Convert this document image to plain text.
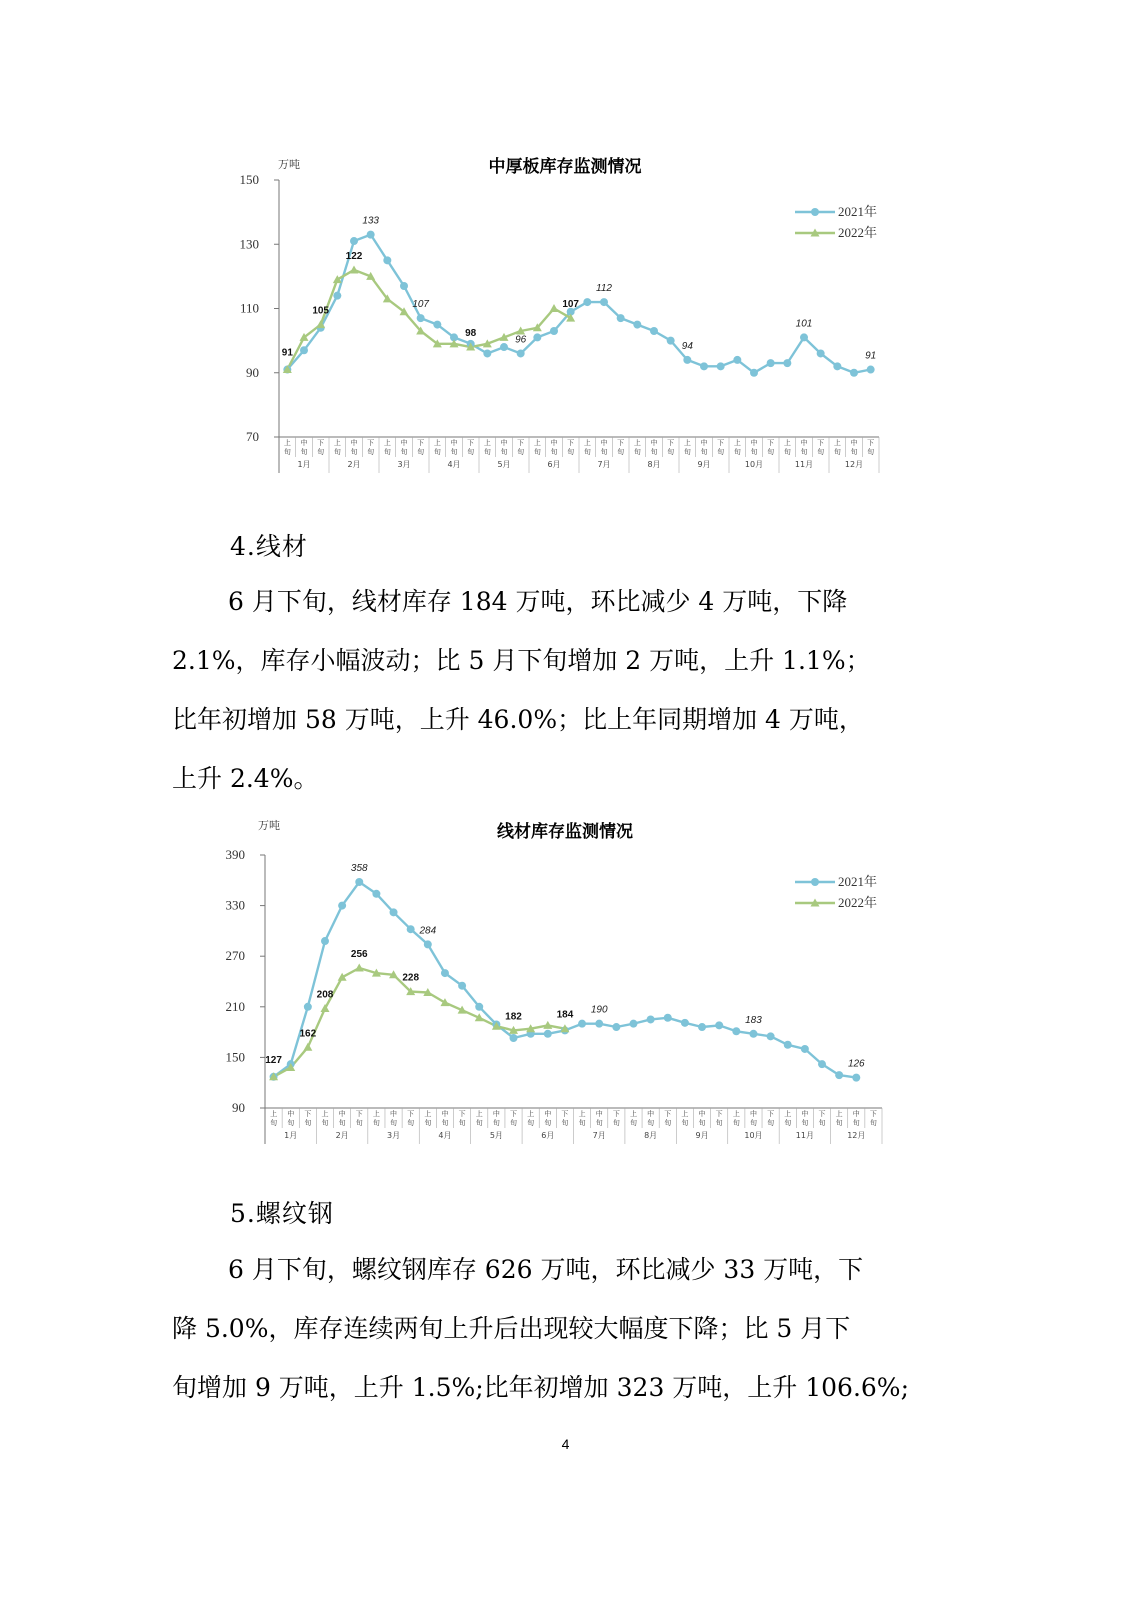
中厚板库存监测情况
万吨
150
130
110
90
70	上
旬
中
旬
下
旬
上
旬
中
旬
下
旬
上
旬
中
旬
下
旬
上
旬
中
旬
下
旬
上
旬
中
旬
下
旬
上
旬
中
旬
下
旬
上
旬
中
旬
下
旬
上
旬
中
旬
下
旬
上
旬
中
旬
下
旬
上
旬
中
旬
下
旬
上
旬
中
旬
下
旬
上
旬
中
旬
下
旬
1月	2月	3月	4月	5月	6月	7月	8月	9月	10月	11月	12月
133
107
96
112
94
101
91
91
105
122
98
107
2021年
2022年
4.线材
6 月下旬，线材库存 184 万吨，环比减少 4 万吨，下降
2.1%，库存小幅波动；比 5 月下旬增加 2 万吨，上升 1.1%；
比年初增加 58 万吨，上升 46.0%；比上年同期增加 4 万吨，
上升 2.4%。
线材库存监测情况
万吨
390
330
270
210
150
90	上
旬
中
旬
下
旬
上
旬
中
旬
下
旬
上
旬
中
旬
下
旬
上
旬
中
旬
下
旬
上
旬
中
旬
下
旬
上
旬
中
旬
下
旬
上
旬
中
旬
下
旬
上
旬
中
旬
下
旬
上
旬
中
旬
下
旬
上
旬
中
旬
下
旬
上
旬
中
旬
下
旬
上
旬
中
旬
下
旬
1月	2月	3月	4月	5月	6月	7月	8月	9月	10月	11月	12月
358
284
190
183
126
127
162
208
256
228
182	184
2021年
2022年
5.螺纹钢
6 月下旬，螺纹钢库存 626 万吨，环比减少 33 万吨，下
降 5.0%，库存连续两旬上升后出现较大幅度下降；比 5 月下
旬增加 9 万吨，上升 1.5%;比年初增加 323 万吨，上升 106.6%;
4
